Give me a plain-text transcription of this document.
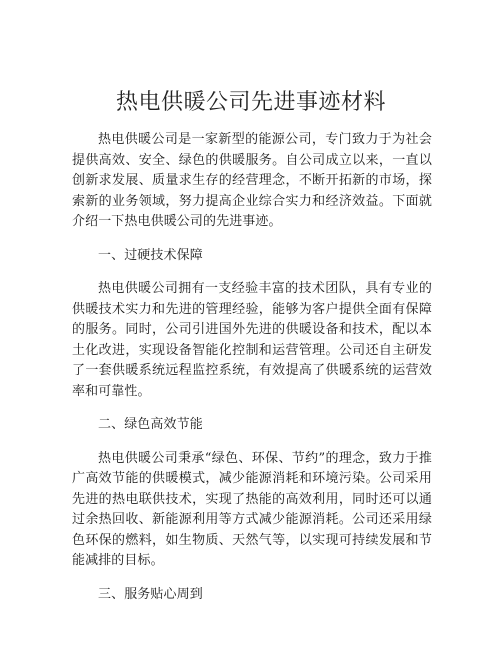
热电供暖公司先进事迹材料

热电供暖公司是一家新型的能源公司，专门致力于为社会提供高效、安全、绿色的供暖服务。自公司成立以来，一直以创新求发展、质量求生存的经营理念，不断开拓新的市场，探索新的业务领域，努力提高企业综合实力和经济效益。下面就介绍一下热电供暖公司的先进事迹。

一、过硬技术保障

热电供暖公司拥有一支经验丰富的技术团队，具有专业的供暖技术实力和先进的管理经验，能够为客户提供全面有保障的服务。同时，公司引进国外先进的供暖设备和技术，配以本土化改进，实现设备智能化控制和运营管理。公司还自主研发了一套供暖系统远程监控系统，有效提高了供暖系统的运营效率和可靠性。

二、绿色高效节能

热电供暖公司秉承“绿色、环保、节约”的理念，致力于推广高效节能的供暖模式，减少能源消耗和环境污染。公司采用先进的热电联供技术，实现了热能的高效利用，同时还可以通过余热回收、新能源利用等方式减少能源消耗。公司还采用绿色环保的燃料，如生物质、天然气等，以实现可持续发展和节能减排的目标。

三、服务贴心周到
